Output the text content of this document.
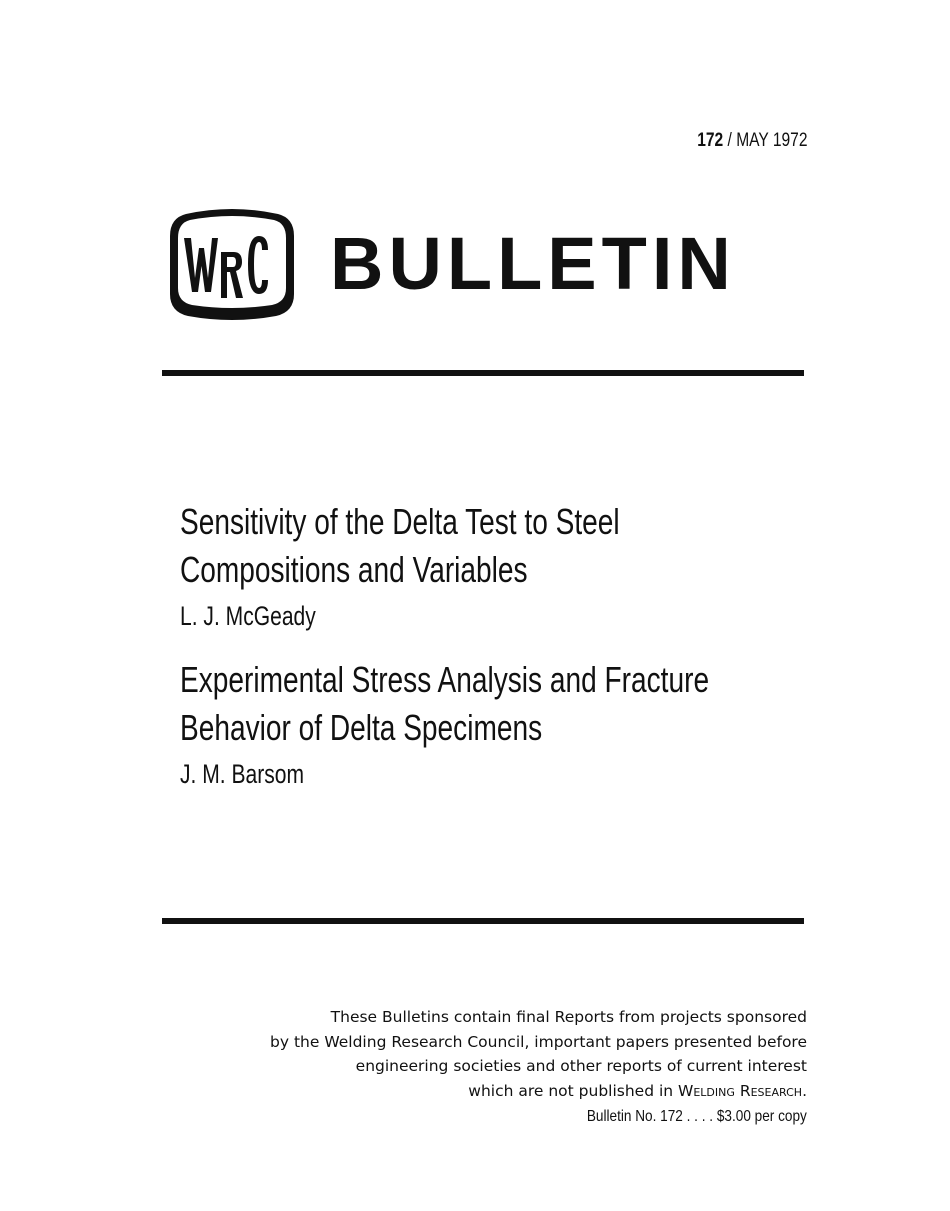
172 / MAY 1972
BULLETIN

Sensitivity of the Delta Test to Steel

Compositions and Variables

L. J. McGeady

Experimental Stress Analysis and Fracture

Behavior of Delta Specimens

J. M. Barsom

These Bulletins contain final Reports from projects sponsored
by the Welding Research Council, important papers presented before
engineering societies and other reports of current interest
which are not published in Welding Research.
Bulletin No. 172 . . . . $3.00 per copy
